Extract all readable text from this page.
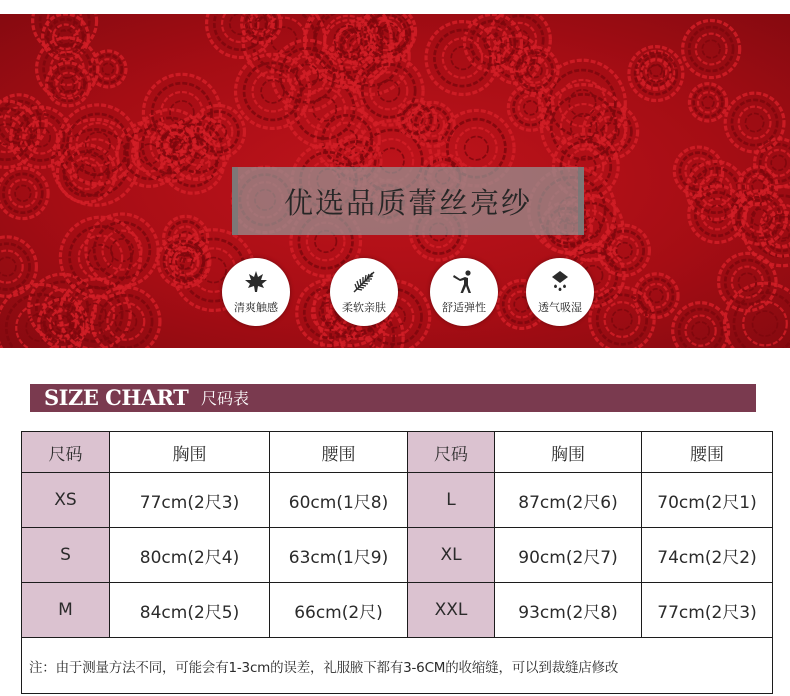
优选品质蕾丝亮纱
清爽触感	柔软亲肤	舒适弹性	透气吸湿
SIZE CHART 尺码表
尺码	胸围	腰围	尺码	胸围	腰围
XS	77cm(2尺3)	60cm(1尺8)	L	87cm(2尺6)	70cm(2尺1)
S	80cm(2尺4)	63cm(1尺9)	XL	90cm(2尺7)	74cm(2尺2)
M	84cm(2尺5)	66cm(2尺)	XXL	93cm(2尺8)	77cm(2尺3)
注：由于测量方法不同，可能会有1-3cm的误差，礼服腋下都有3-6CM的收缩缝，可以到裁缝店修改					
